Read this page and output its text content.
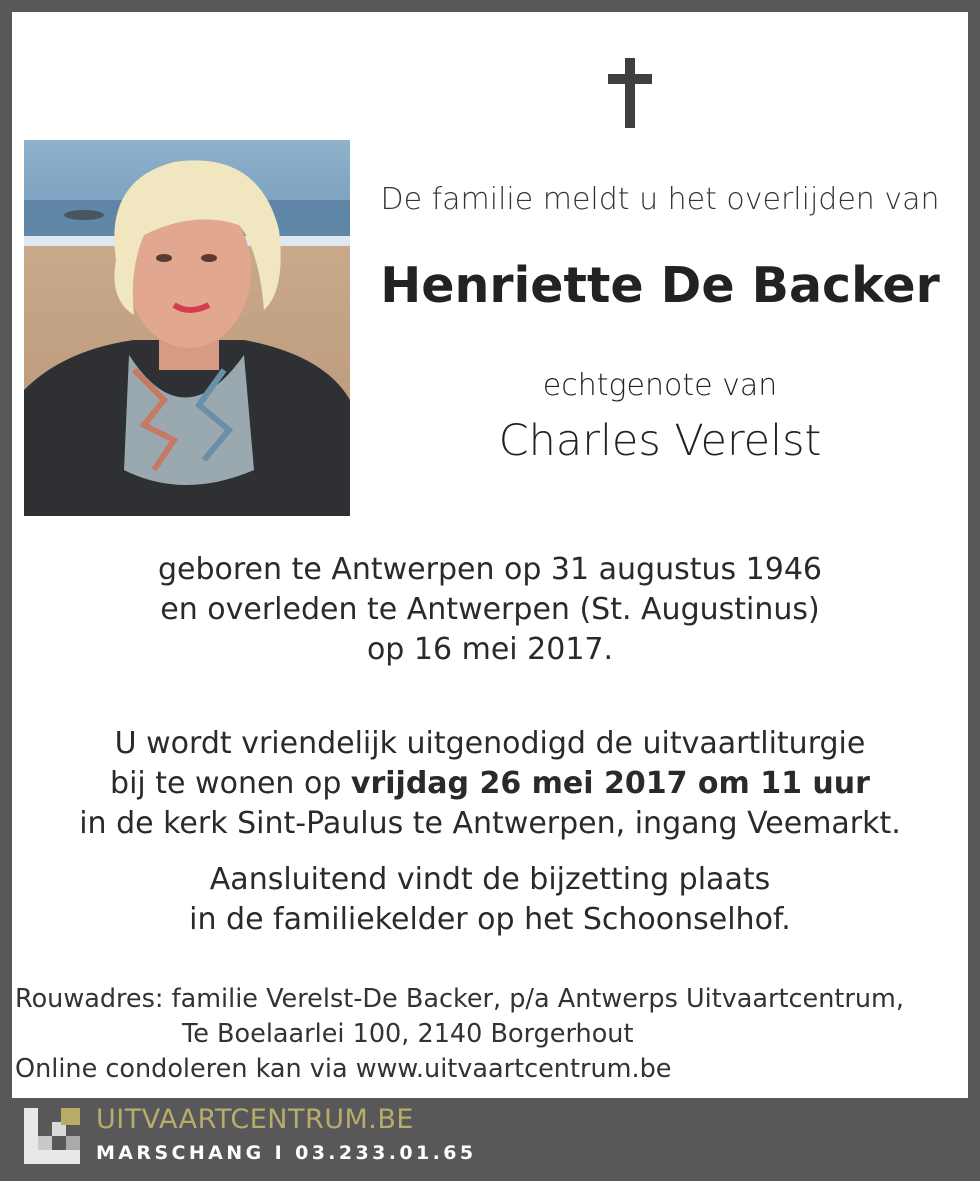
De familie meldt u het overlijden van
Henriette De Backer
echtgenote van
Charles Verelst
geboren te Antwerpen op 31 augustus 1946
en overleden te Antwerpen (St. Augustinus)
op 16 mei 2017.
U wordt vriendelijk uitgenodigd de uitvaartliturgie
bij te wonen op vrijdag 26 mei 2017 om 11 uur
in de kerk Sint-Paulus te Antwerpen, ingang Veemarkt.
Aansluitend vindt de bijzetting plaats
in de familiekelder op het Schoonselhof.
Rouwadres: familie Verelst-De Backer, p/a Antwerps Uitvaartcentrum,
Te Boelaarlei 100, 2140 Borgerhout
Online condoleren kan via www.uitvaartcentrum.be
UITVAARTCENTRUM.BE
MARSCHANG I 03.233.01.65
